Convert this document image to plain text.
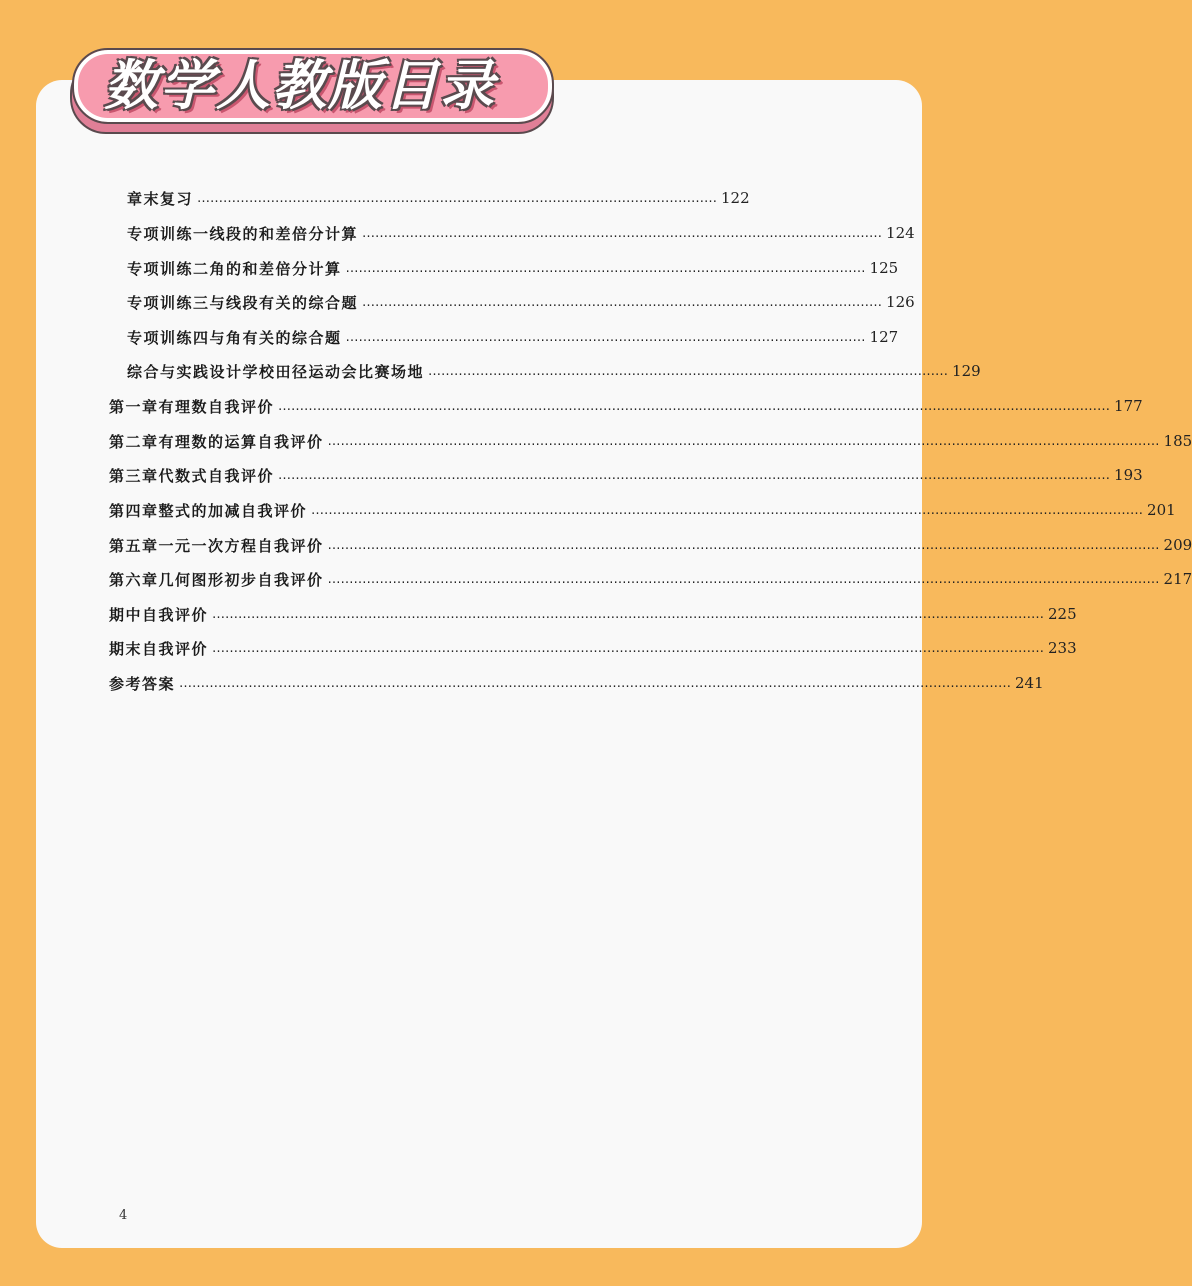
数学人教版目录
章末复习 ………………………………………………………………………………………………………… 122
专项训练一 线段的和差倍分计算 ………………………………………………………………………………………………………… 124
专项训练二 角的和差倍分计算 ………………………………………………………………………………………………………… 125
专项训练三 与线段有关的综合题 ………………………………………………………………………………………………………… 126
专项训练四 与角有关的综合题 ………………………………………………………………………………………………………… 127
综合与实践 设计学校田径运动会比赛场地 ………………………………………………………………………………………………………… 129
第一章 有理数 自我评价 ………………………………………………………………………………………………………………………………………………………………………… 177
第二章 有理数的运算 自我评价 ………………………………………………………………………………………………………………………………………………………………………… 185
第三章 代数式 自我评价 ………………………………………………………………………………………………………………………………………………………………………… 193
第四章 整式的加减 自我评价 ………………………………………………………………………………………………………………………………………………………………………… 201
第五章 一元一次方程 自我评价 ………………………………………………………………………………………………………………………………………………………………………… 209
第六章 几何图形初步 自我评价 ………………………………………………………………………………………………………………………………………………………………………… 217
期中自我评价 ………………………………………………………………………………………………………………………………………………………………………… 225
期末自我评价 ………………………………………………………………………………………………………………………………………………………………………… 233
参考答案 ………………………………………………………………………………………………………………………………………………………………………… 241
4
